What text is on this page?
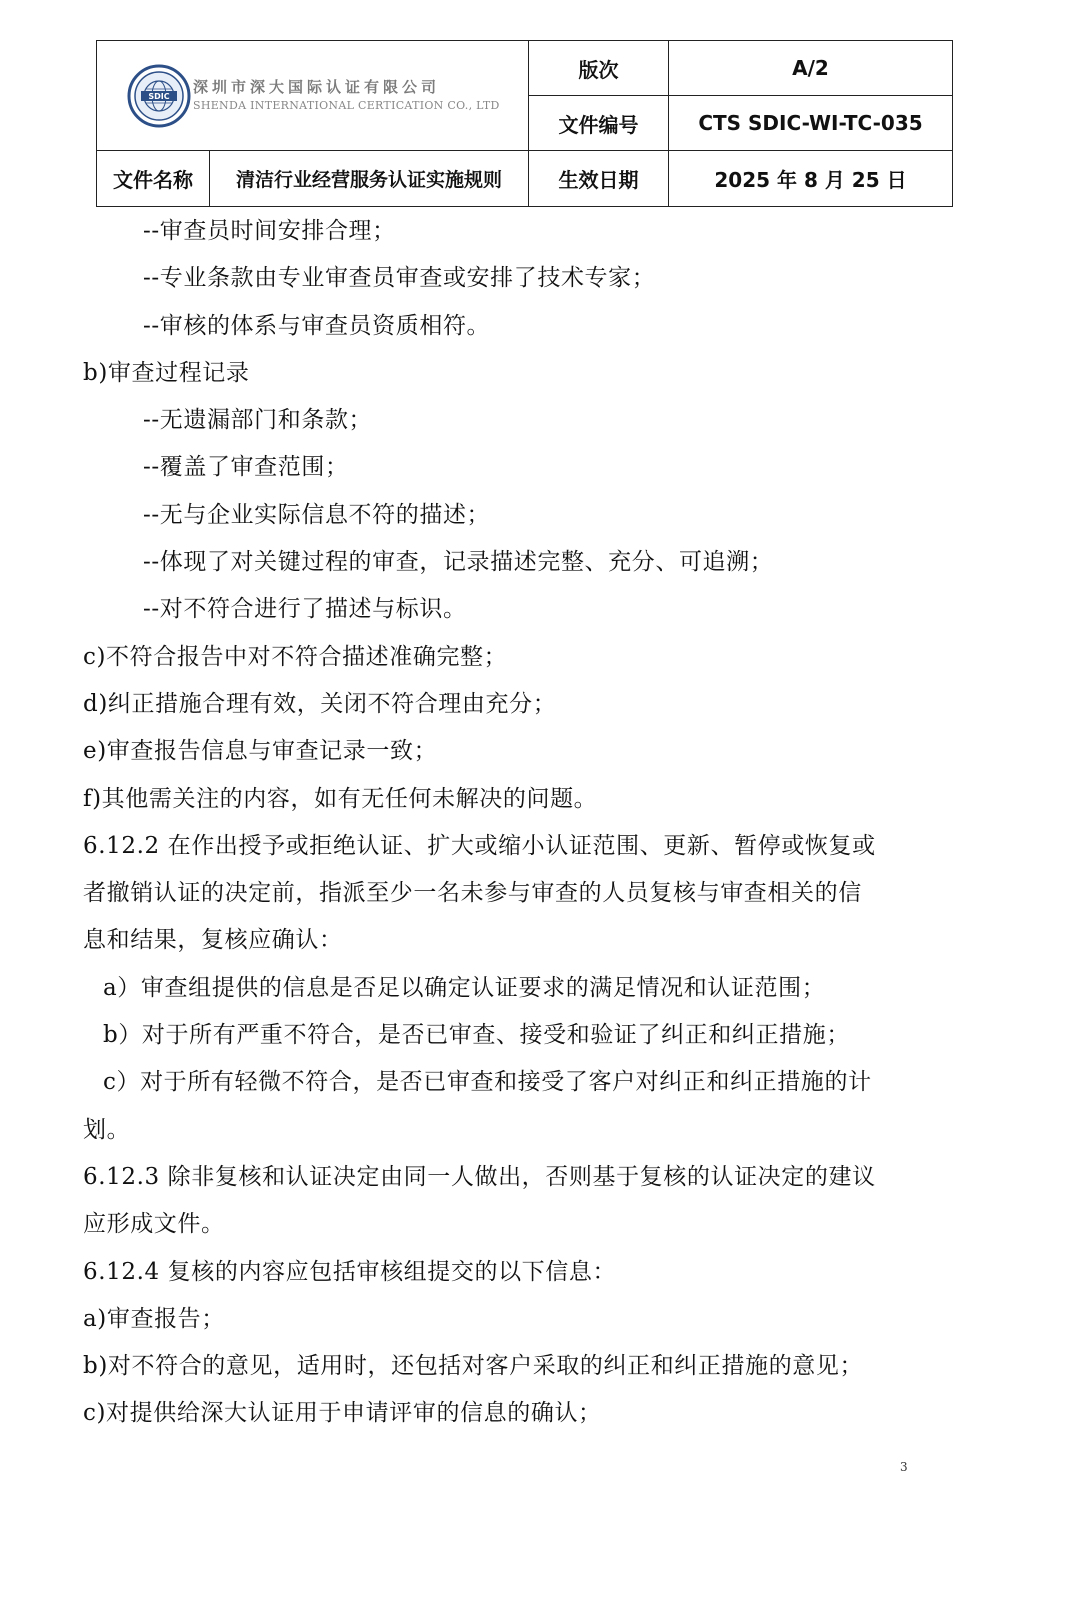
SDIC
深圳市深大国际认证有限公司
SHENDA INTERNATIONAL CERTICATION CO., LTD		版次	A/2
		文件编号	CTS SDIC-WI-TC-035
文件名称	清洁行业经营服务认证实施规则	生效日期	2025 年 8 月 25 日
--审查员时间安排合理；
--专业条款由专业审查员审查或安排了技术专家；
--审核的体系与审查员资质相符。
b)审查过程记录
--无遗漏部门和条款；
--覆盖了审查范围；
--无与企业实际信息不符的描述；
--体现了对关键过程的审查，记录描述完整、充分、可追溯；
--对不符合进行了描述与标识。
c)不符合报告中对不符合描述准确完整；
d)纠正措施合理有效，关闭不符合理由充分；
e)审查报告信息与审查记录一致；
f)其他需关注的内容，如有无任何未解决的问题。
6.12.2 在作出授予或拒绝认证、扩大或缩小认证范围、更新、暂停或恢复或
者撤销认证的决定前，指派至少一名未参与审查的人员复核与审查相关的信
息和结果，复核应确认：
a）审查组提供的信息是否足以确定认证要求的满足情况和认证范围；
b）对于所有严重不符合，是否已审查、接受和验证了纠正和纠正措施；
c）对于所有轻微不符合，是否已审查和接受了客户对纠正和纠正措施的计
划。
6.12.3 除非复核和认证决定由同一人做出，否则基于复核的认证决定的建议
应形成文件。
6.12.4 复核的内容应包括审核组提交的以下信息：
a)审查报告；
b)对不符合的意见，适用时，还包括对客户采取的纠正和纠正措施的意见；
c)对提供给深大认证用于申请评审的信息的确认；
3
